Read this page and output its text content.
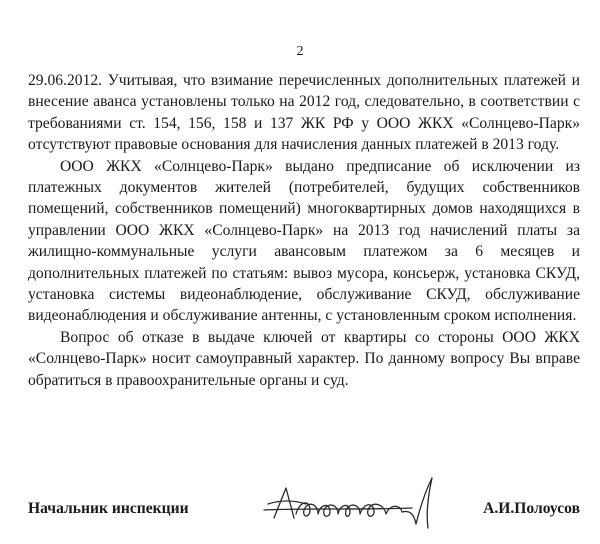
2

29.06.2012. Учитывая, что взимание перечисленных дополнительных платежей и внесение аванса установлены только на 2012 год, следовательно, в соответствии с требованиями ст. 154, 156, 158 и 137 ЖК РФ у ООО ЖКХ «Солнцево-Парк» отсутствуют правовые основания для начисления данных платежей в 2013 году.

ООО ЖКХ «Солнцево-Парк» выдано предписание об исключении из платежных документов жителей (потребителей, будущих собственников помещений, собственников помещений) многоквартирных домов находящихся в управлении ООО ЖКХ «Солнцево-Парк» на 2013 год начислений платы за жилищно-коммунальные услуги авансовым платежом за 6 месяцев и дополнительных платежей по статьям: вывоз мусора, консьерж, установка СКУД, установка системы видеонаблюдение, обслуживание СКУД, обслуживание видеонаблюдения и обслуживание антенны, с установленным сроком исполнения.

Вопрос об отказе в выдаче ключей от квартиры со стороны ООО ЖКХ «Солнцево-Парк» носит самоуправный характер. По данному вопросу Вы вправе обратиться в правоохранительные органы и суд.

Начальник инспекции	А.И.Полоусов
